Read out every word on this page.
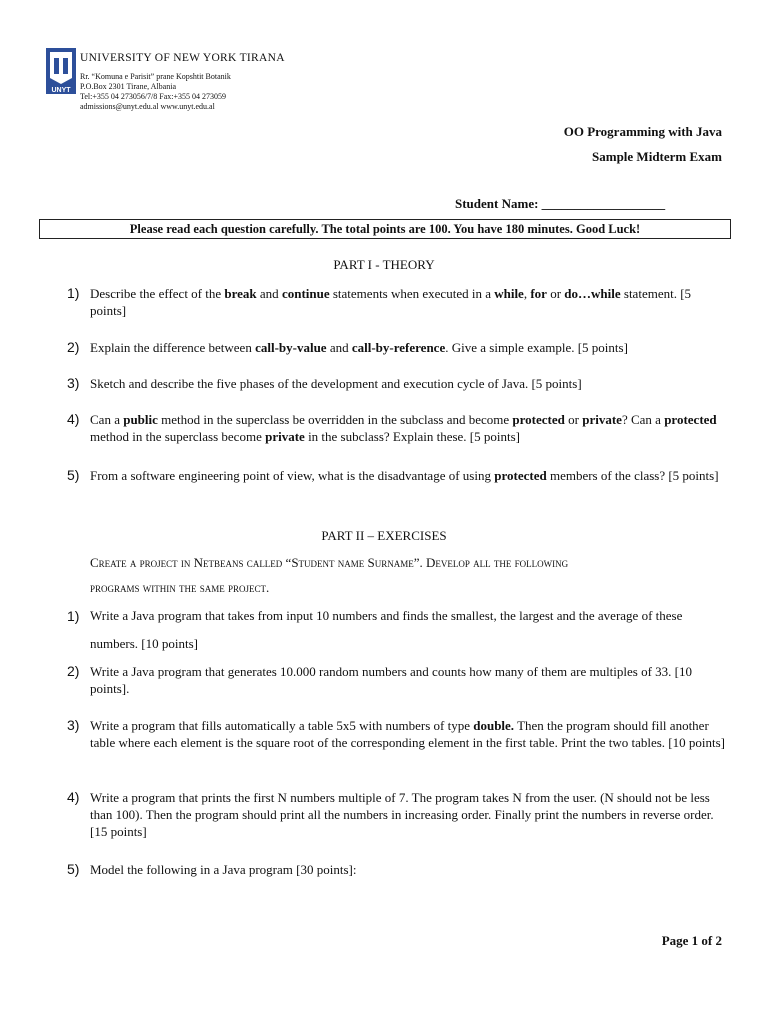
UNYT
UNIVERSITY OF NEW YORK TIRANA
Rr. “Komuna e Parisit” prane Kopshtit Botanik
P.O.Box 2301 Tirane, Albania
Tel:+355 04 273056/7/8 Fax:+355 04 273059
admissions@unyt.edu.al www.unyt.edu.al
OO Programming with Java
Sample Midterm Exam
Student Name: ___________________
Please read each question carefully. The total points are 100. You have 180 minutes. Good Luck!
PART I - THEORY
1) Describe the effect of the break and continue statements when executed in a while, for or do…while statement. [5 points]
2) Explain the difference between call-by-value and call-by-reference. Give a simple example. [5 points]
3) Sketch and describe the five phases of the development and execution cycle of Java. [5 points]
4) Can a public method in the superclass be overridden in the subclass and become protected or private? Can a protected method in the superclass become private in the subclass? Explain these. [5 points]
5) From a software engineering point of view, what is the disadvantage of using protected members of the class? [5 points]
PART II – EXERCISES
Create a project in Netbeans called “Student name Surname”. Develop all the following
programs within the same project.
1) Write a Java program that takes from input 10 numbers and finds the smallest, the largest and the average of these numbers. [10 points]
2) Write a Java program that generates 10.000 random numbers and counts how many of them are multiples of 33. [10 points].
3) Write a program that fills automatically a table 5x5 with numbers of type double. Then the program should fill another table where each element is the square root of the corresponding element in the first table. Print the two tables. [10 points]
4) Write a program that prints the first N numbers multiple of 7. The program takes N from the user. (N should not be less than 100). Then the program should print all the numbers in increasing order. Finally print the numbers in reverse order. [15 points]
5) Model the following in a Java program [30 points]:
Page 1 of 2
